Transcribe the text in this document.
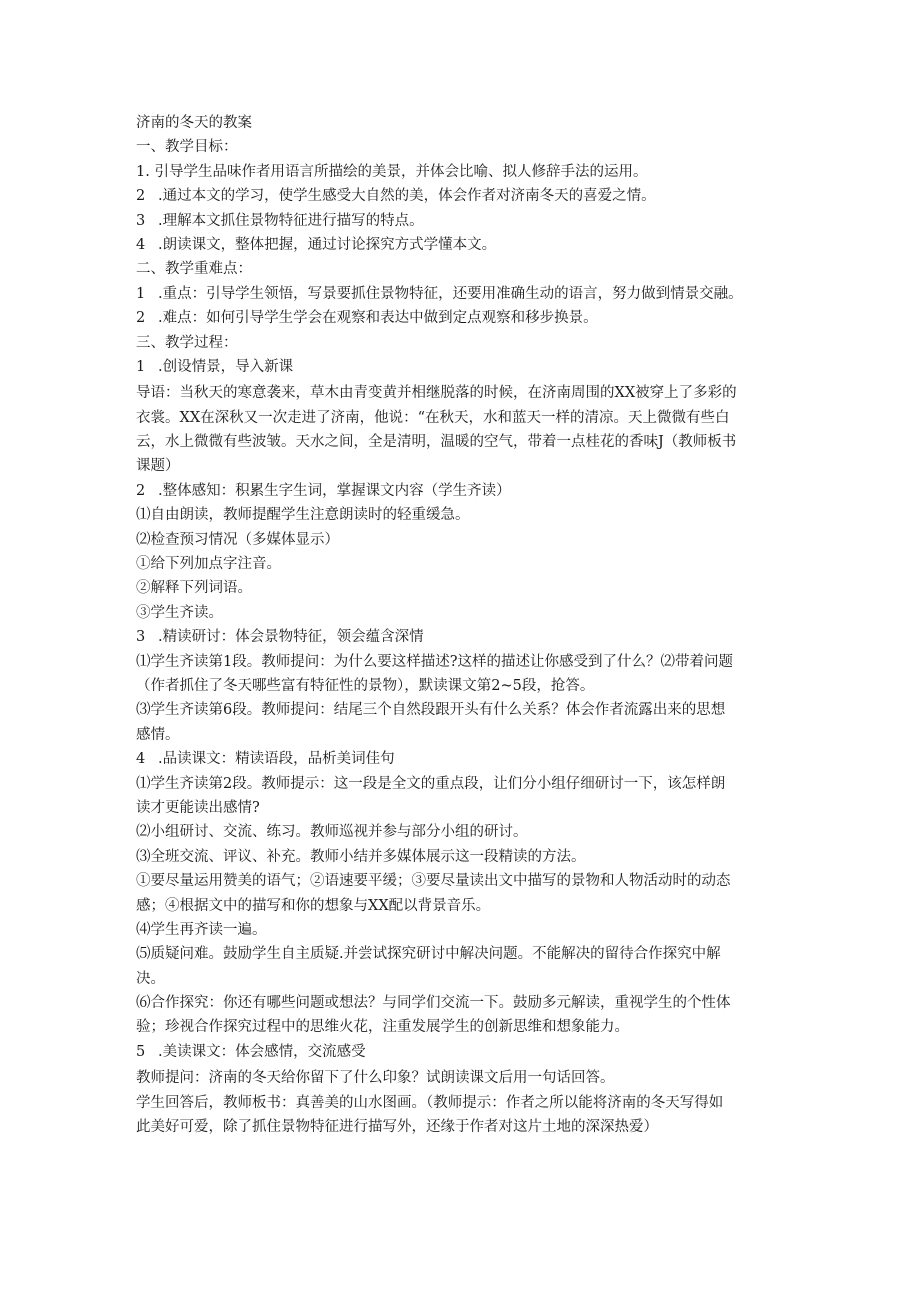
济南的冬天的教案
一、教学目标：
1. 引导学生品味作者用语言所描绘的美景，并体会比喻、拟人修辞手法的运用。
2 .通过本文的学习，使学生感受大自然的美，体会作者对济南冬天的喜爱之情。
3 .理解本文抓住景物特征进行描写的特点。
4 .朗读课文，整体把握，通过讨论探究方式学懂本文。
二、教学重难点：
1 .重点：引导学生领悟，写景要抓住景物特征，还要用准确生动的语言，努力做到情景交融。
2 .难点：如何引导学生学会在观察和表达中做到定点观察和移步换景。
三、教学过程：
1 .创设情景，导入新课
导语：当秋天的寒意袭来，草木由青变黄并相继脱落的时候，在济南周围的XX被穿上了多彩的
衣裳。XX在深秋又一次走进了济南，他说：“在秋天，水和蓝天一样的清凉。天上微微有些白
云，水上微微有些波皱。天水之间，全是清明，温暖的空气，带着一点桂花的香味J（教师板书
课题）
2 .整体感知：积累生字生词，掌握课文内容（学生齐读）
⑴自由朗读，教师提醒学生注意朗读时的轻重缓急。
⑵检查预习情况（多媒体显示）
①给下列加点字注音。
②解释下列词语。
③学生齐读。
3 .精读研讨：体会景物特征，领会蕴含深情
⑴学生齐读第1段。教师提问：为什么要这样描述?这样的描述让你感受到了什么？⑵带着问题
（作者抓住了冬天哪些富有特征性的景物），默读课文第2~5段，抢答。
⑶学生齐读第6段。教师提问：结尾三个自然段跟开头有什么关系？体会作者流露出来的思想
感情。
4 .品读课文：精读语段，品析美词佳句
⑴学生齐读第2段。教师提示：这一段是全文的重点段，让们分小组仔细研讨一下，该怎样朗
读才更能读出感情?
⑵小组研讨、交流、练习。教师巡视并参与部分小组的研讨。
⑶全班交流、评议、补充。教师小结并多媒体展示这一段精读的方法。
①要尽量运用赞美的语气；②语速要平缓；③要尽量读出文中描写的景物和人物活动时的动态
感；④根据文中的描写和你的想象与XX配以背景音乐。
⑷学生再齐读一遍。
⑸质疑问难。鼓励学生自主质疑.并尝试探究研讨中解决问题。不能解决的留待合作探究中解
决。
⑹合作探究：你还有哪些问题或想法？与同学们交流一下。鼓励多元解读，重视学生的个性体
验；珍视合作探究过程中的思维火花，注重发展学生的创新思维和想象能力。
5 .美读课文：体会感情，交流感受
教师提问：济南的冬天给你留下了什么印象？试朗读课文后用一句话回答。
学生回答后，教师板书：真善美的山水图画。（教师提示：作者之所以能将济南的冬天写得如
此美好可爱，除了抓住景物特征进行描写外，还缘于作者对这片土地的深深热爱）
